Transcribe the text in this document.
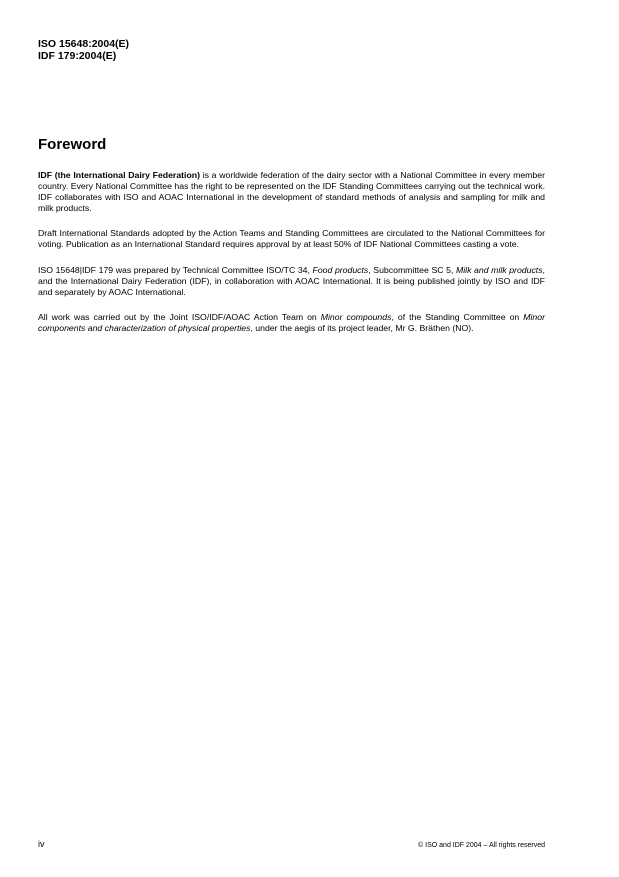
ISO 15648:2004(E)
IDF 179:2004(E)
Foreword

IDF (the International Dairy Federation) is a worldwide federation of the dairy sector with a National Committee in every member country. Every National Committee has the right to be represented on the IDF Standing Committees carrying out the technical work. IDF collaborates with ISO and AOAC International in the development of standard methods of analysis and sampling for milk and milk products.

Draft International Standards adopted by the Action Teams and Standing Committees are circulated to the National Committees for voting. Publication as an International Standard requires approval by at least 50% of IDF National Committees casting a vote.

ISO 15648|IDF 179 was prepared by Technical Committee ISO/TC 34, Food products, Subcommittee SC 5, Milk and milk products, and the International Dairy Federation (IDF), in collaboration with AOAC International. It is being published jointly by ISO and IDF and separately by AOAC International.

All work was carried out by the Joint ISO/IDF/AOAC Action Team on Minor compounds, of the Standing Committee on Minor components and characterization of physical properties, under the aegis of its project leader, Mr G. Bräthen (NO).

iv	© ISO and IDF 2004 – All rights reserved
